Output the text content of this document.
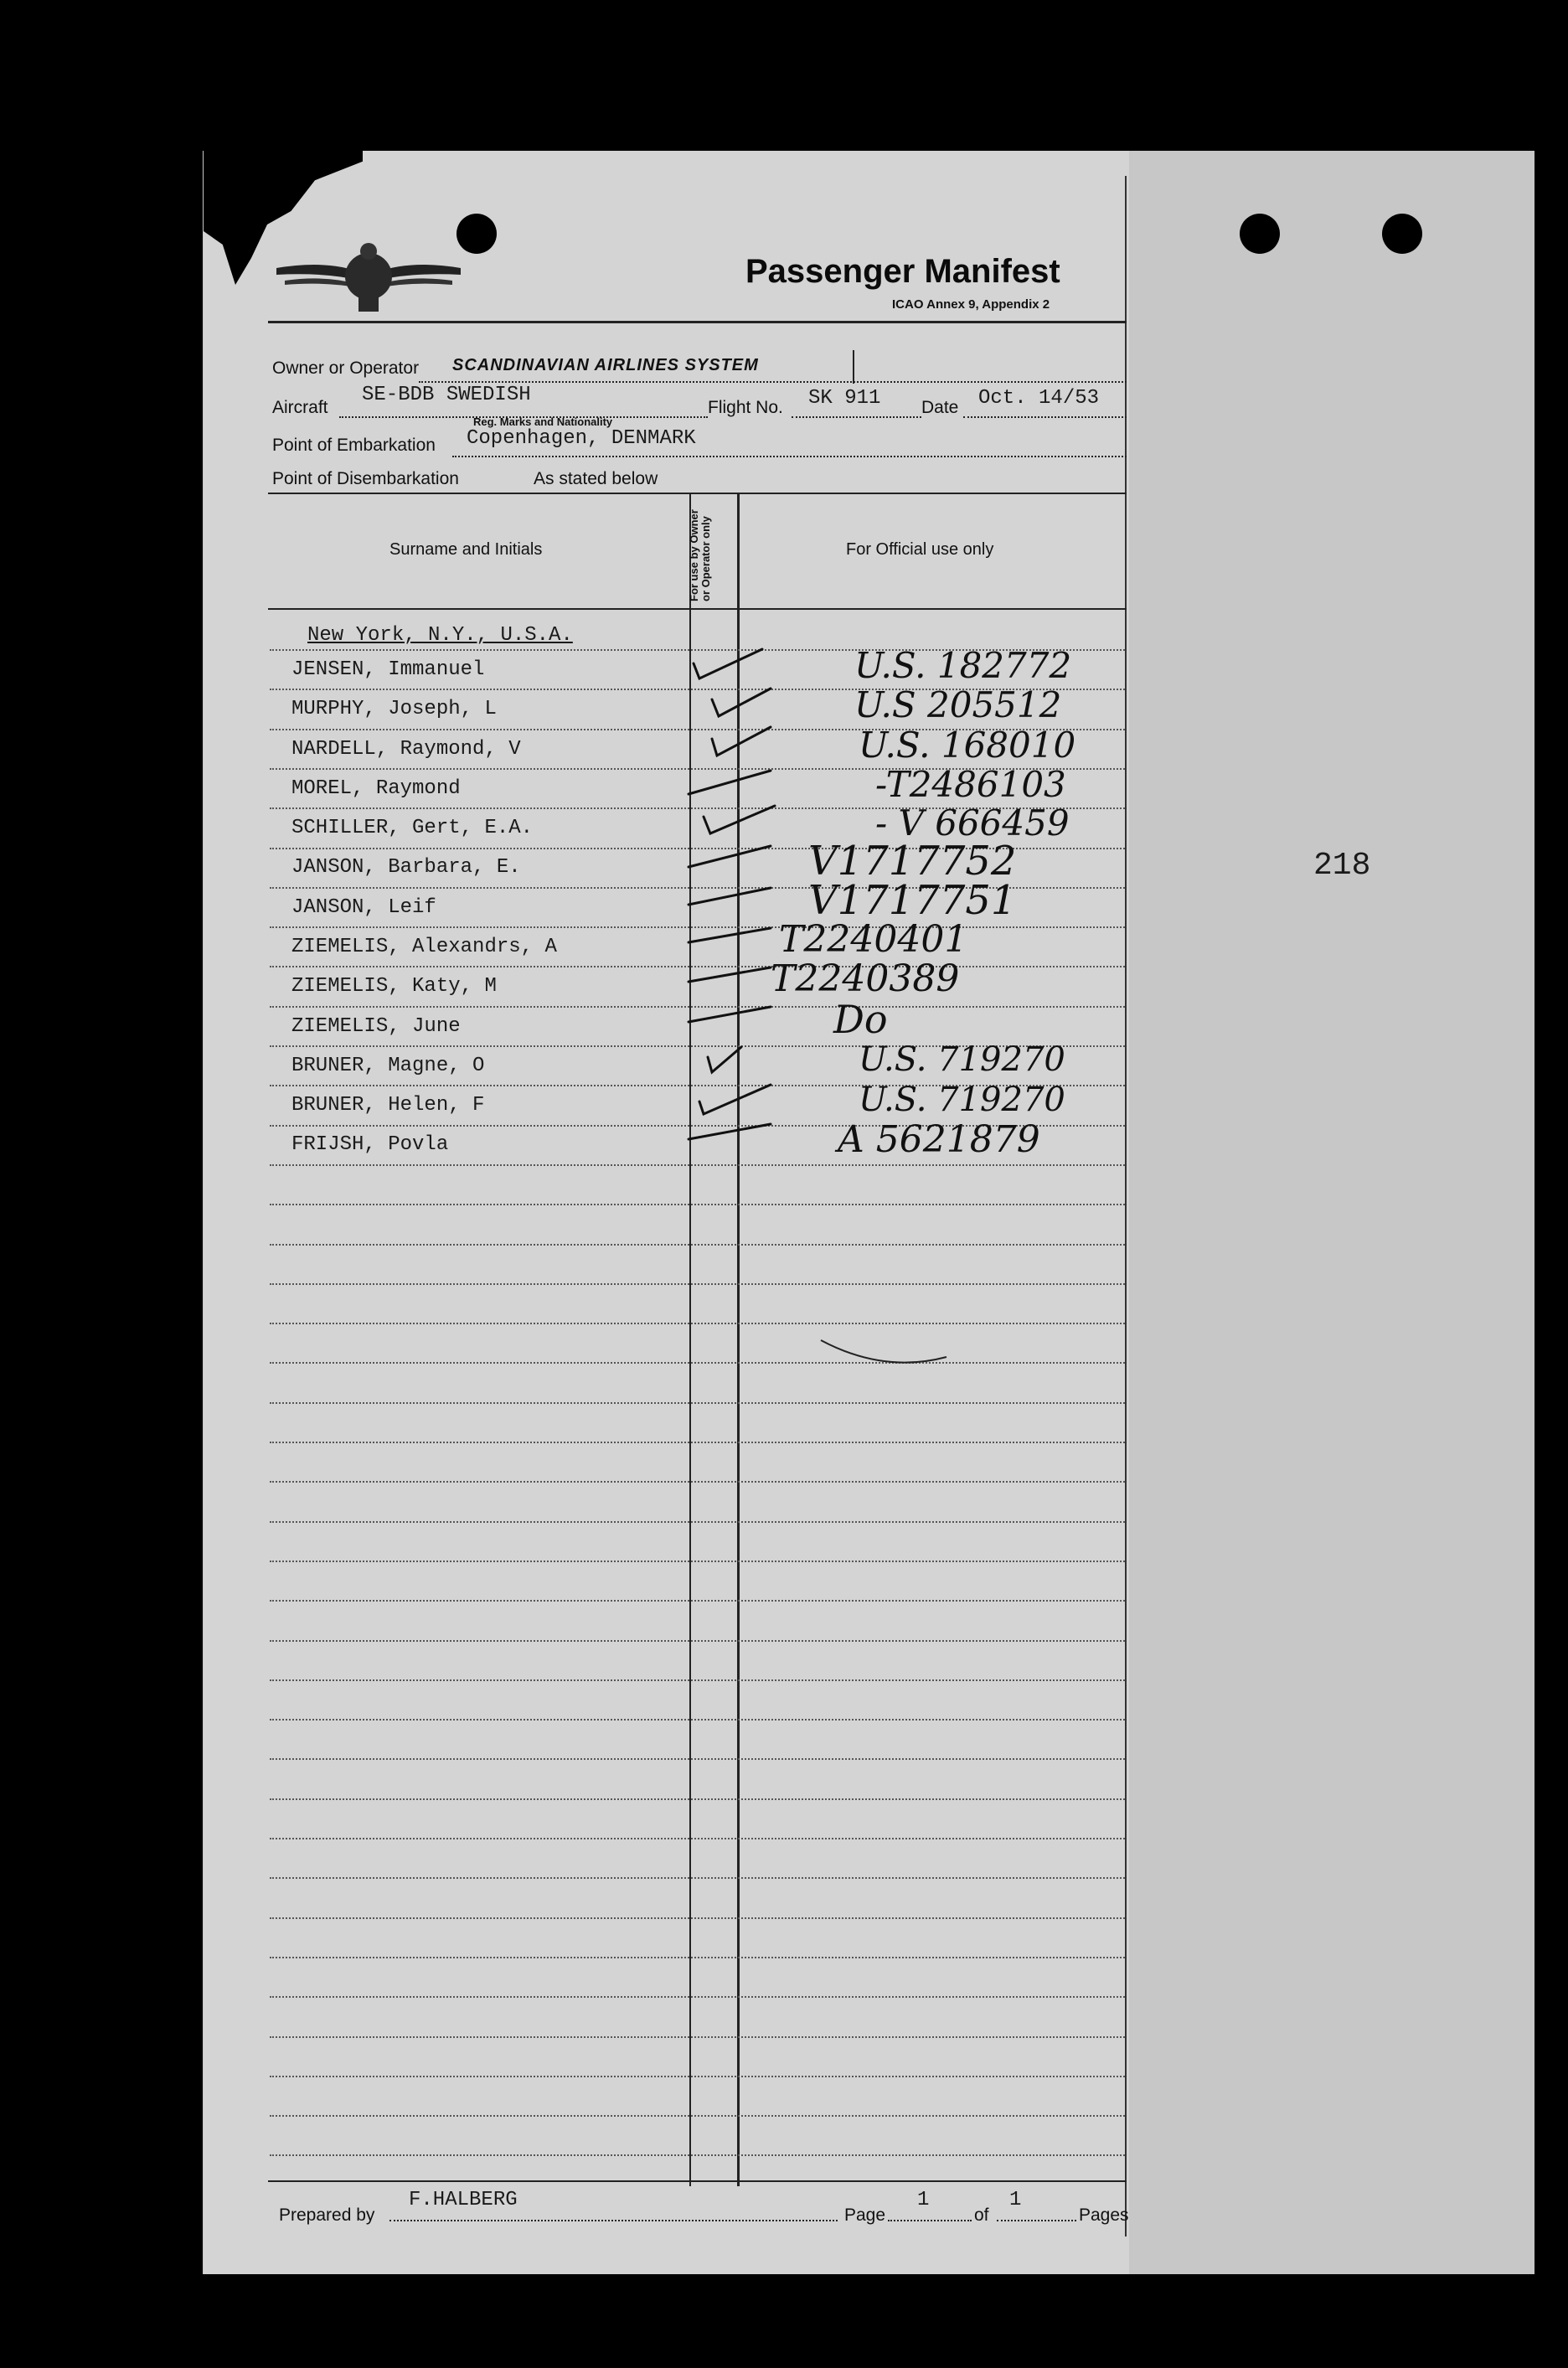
Passenger Manifest
ICAO Annex 9, Appendix 2
Owner or Operator SCANDINAVIAN AIRLINES SYSTEM
Aircraft
SE-BDB SWEDISH
Reg. Marks and Nationality
Flight No. SK 911 Date Oct. 14/53
Point of Embarkation Copenhagen, DENMARK
Point of Disembarkation	As stated below
Surname and Initials	For use by Owner or Operator only	For Official use only
New York, N.Y., U.S.A.
JENSEN, Immanuel	U.S. 182772
MURPHY, Joseph, L	U.S 205512
NARDELL, Raymond, V	U.S. 168010
MOREL, Raymond	-T2486103
SCHILLER, Gert, E.A.	- V 666459
JANSON, Barbara, E.	V1717752
JANSON, Leif	V1717751
ZIEMELIS, Alexandrs, A	T2240401
ZIEMELIS, Katy, M	T2240389
ZIEMELIS, June	Do
BRUNER, Magne, O	U.S. 719270
BRUNER, Helen, F	U.S. 719270
FRIJSH, Povla	A 5621879
218
Prepared by
F.HALBERG
Page
1
of
1
Pages
